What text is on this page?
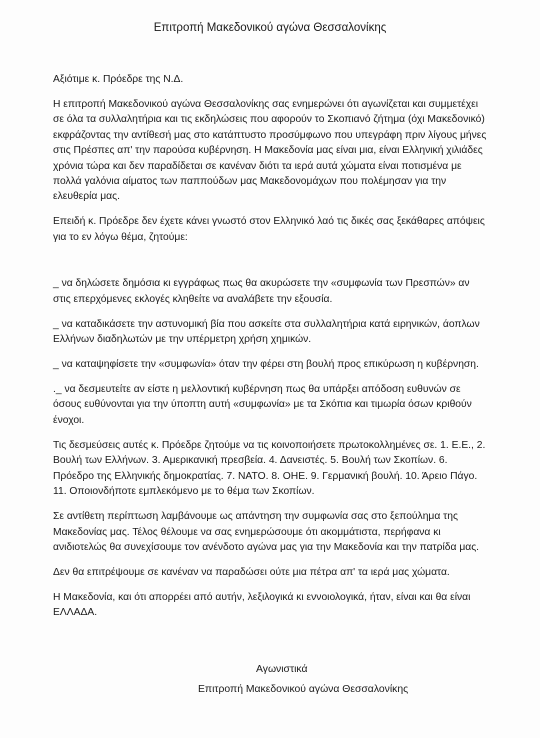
Επιτροπή Μακεδονικού αγώνα Θεσσαλονίκης

Αξιότιμε κ. Πρόεδρε της Ν.Δ.

Η επιτροπή Μακεδονικού αγώνα Θεσσαλονίκης σας ενημερώνει ότι αγωνίζεται και συμμετέχει σε όλα τα συλλαλητήρια και τις εκδηλώσεις που αφορούν το Σκοπιανό ζήτημα (όχι Μακεδονικό) εκφράζοντας την αντίθεσή μας στο κατάπτυστο προσύμφωνο που υπεγράφη πριν λίγους μήνες στις Πρέσπες απ' την παρούσα κυβέρνηση. Η Μακεδονία μας είναι μια, είναι Ελληνική χιλιάδες χρόνια τώρα και δεν παραδίδεται σε κανέναν διότι τα ιερά αυτά χώματα είναι ποτισμένα με πολλά γαλόνια αίματος των παππούδων μας Μακεδονομάχων που πολέμησαν για την ελευθερία μας.

Επειδή κ. Πρόεδρε δεν έχετε κάνει γνωστό στον Ελληνικό λαό τις δικές σας ξεκάθαρες απόψεις για το εν λόγω θέμα, ζητούμε:

_ να δηλώσετε δημόσια κι εγγράφως πως θα ακυρώσετε την «συμφωνία των Πρεσπών» αν στις επερχόμενες εκλογές κληθείτε να αναλάβετε την εξουσία.

_ να καταδικάσετε την αστυνομική βία που ασκείτε στα συλλαλητήρια κατά ειρηνικών, άοπλων Ελλήνων διαδηλωτών με την υπέρμετρη χρήση χημικών.

_ να καταψηφίσετε την «συμφωνία» όταν την φέρει στη βουλή προς επικύρωση η κυβέρνηση.

._ να δεσμευτείτε αν είστε η μελλοντική κυβέρνηση πως θα υπάρξει απόδοση ευθυνών σε όσους ευθύνονται για την ύποπτη αυτή «συμφωνία» με τα Σκόπια και τιμωρία όσων κριθούν ένοχοι.

Τις δεσμεύσεις αυτές κ. Πρόεδρε ζητούμε να τις κοινοποιήσετε πρωτοκολλημένες σε. 1. Ε.Ε., 2. Βουλή των Ελλήνων. 3. Αμερικανική πρεσβεία. 4. Δανειστές. 5. Βουλή των Σκοπίων. 6. Πρόεδρο της Ελληνικής δημοκρατίας. 7. ΝΑΤΟ. 8. ΟΗΕ. 9. Γερμανική βουλή. 10. Άρειο Πάγο. 11. Οποιονδήποτε εμπλεκόμενο με το θέμα των Σκοπίων.

Σε αντίθετη περίπτωση λαμβάνουμε ως απάντηση την συμφωνία σας στο ξεπούλημα της Μακεδονίας μας. Τέλος θέλουμε να σας ενημερώσουμε ότι ακομμάτιστα, περήφανα κι ανιδιοτελώς θα συνεχίσουμε τον ανένδοτο αγώνα μας για την Μακεδονία και την πατρίδα μας.

Δεν θα επιτρέψουμε σε κανέναν να παραδώσει ούτε μια πέτρα απ' τα ιερά μας χώματα.

Η Μακεδονία, και ότι απορρέει από αυτήν, λεξιλογικά κι εννοιολογικά, ήταν, είναι και θα είναι ΕΛΛΑΔΑ.

Αγωνιστικά
Επιτροπή Μακεδονικού αγώνα Θεσσαλονίκης
